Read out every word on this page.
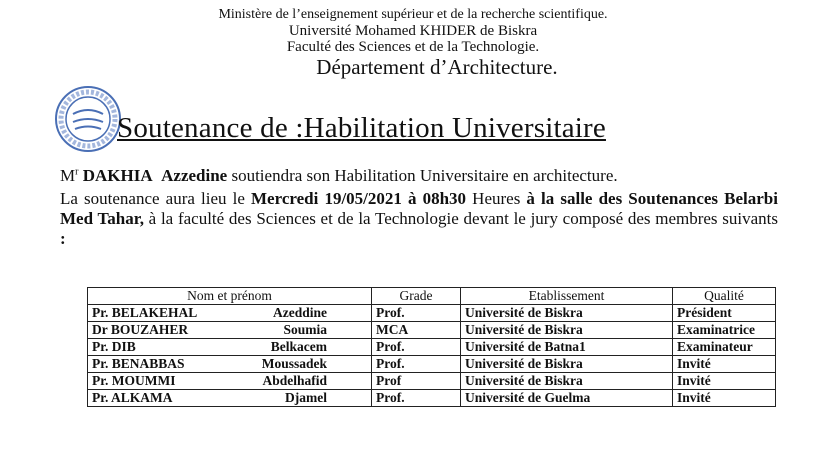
Ministère de l’enseignement supérieur et de la recherche scientifique.
Université Mohamed KHIDER de Biskra
Faculté des Sciences et de la Technologie.
Département d’Architecture.
Soutenance de :Habilitation Universitaire
$M^r$ DAKHIA Azzedine soutiendra son Habilitation Universitaire en architecture.
La soutenance aura lieu le Mercredi 19/05/2021 à 08h30 Heures à la salle des Soutenances Belarbi Med Tahar, à la faculté des Sciences et de la Technologie devant le jury composé des membres suivants :
Nom et prénom	Grade	Etablissement	Qualité

Pr. BELAKEHAL Azeddine	Prof.	Université de Biskra	Président

Dr BOUZAHER Soumia	MCA	Université de Biskra	Examinatrice

Pr. DIB Belkacem	Prof.	Université de Batna1	Examinateur

Pr. BENABBAS Moussadek	Prof.	Université de Biskra	Invité

Pr. MOUMMI Abdelhafid	Prof	Université de Biskra	Invité

Pr. ALKAMA Djamel	Prof.	Université de Guelma	Invité
